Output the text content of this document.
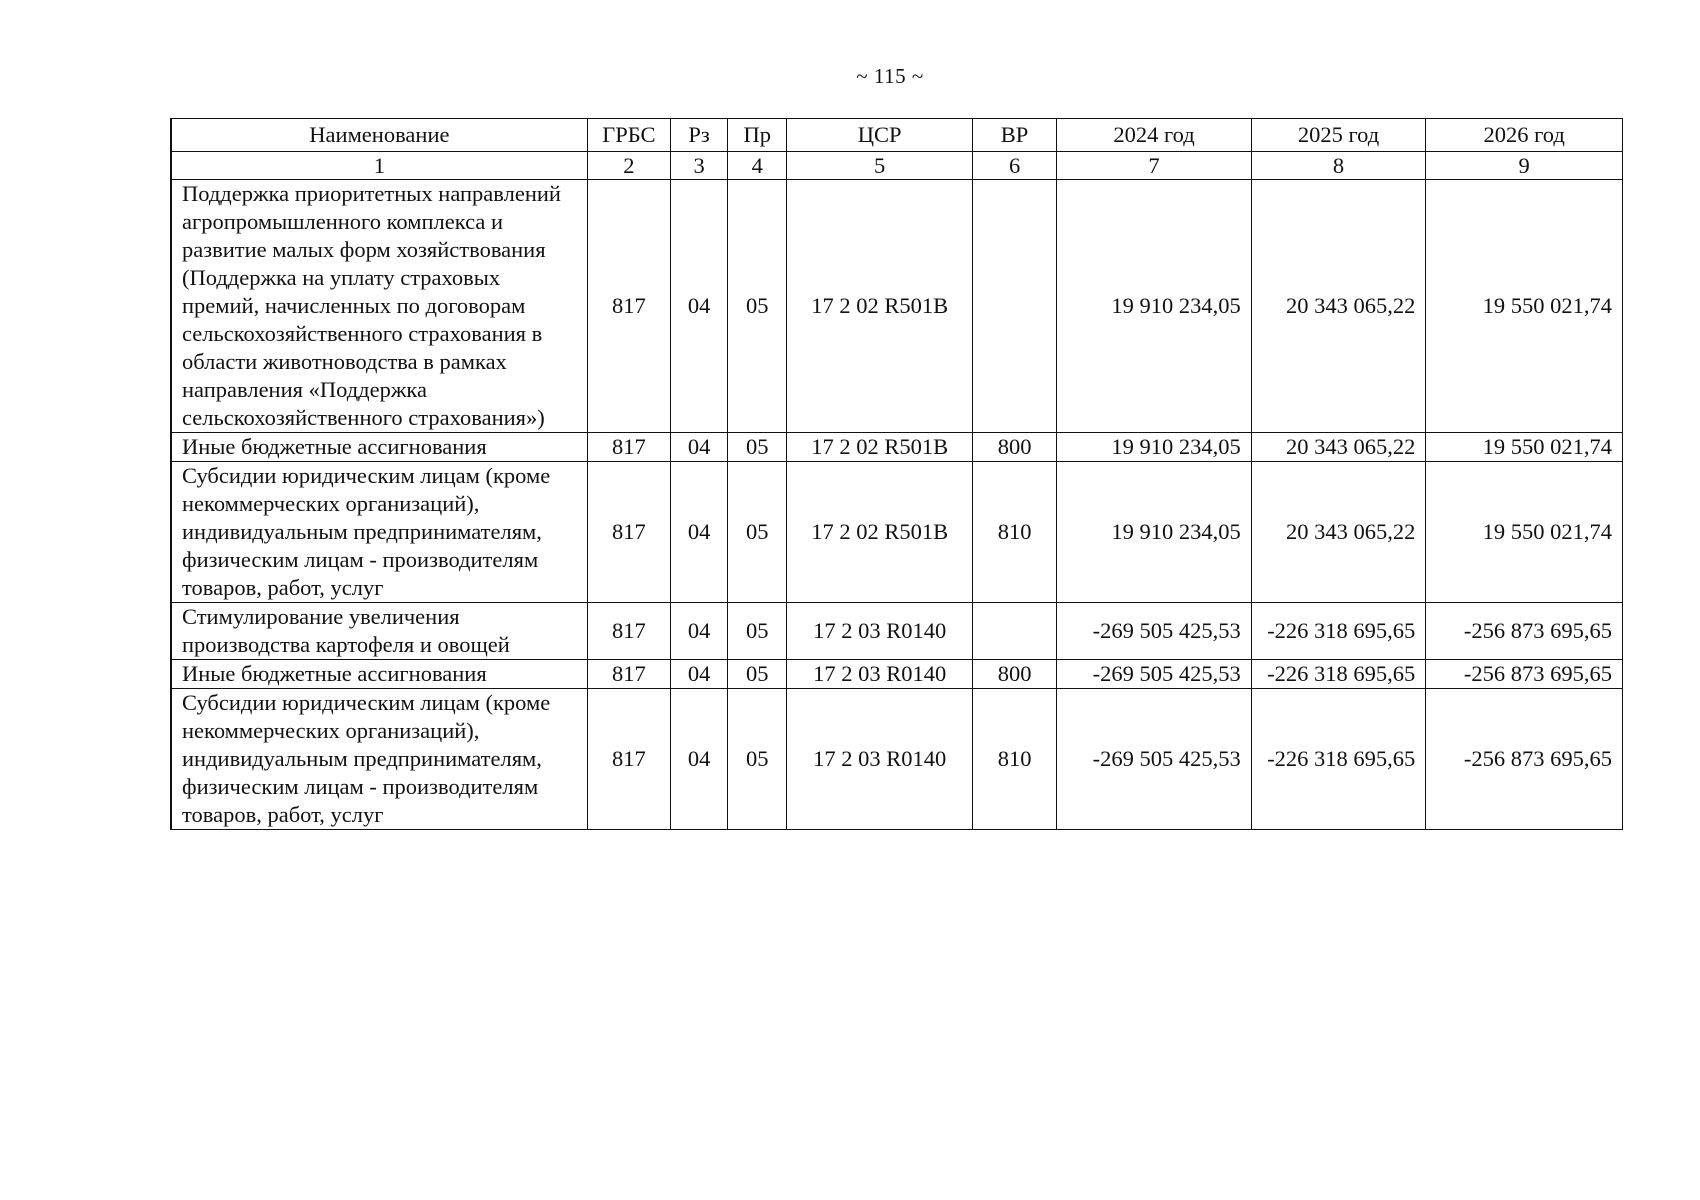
~ 115 ~
Наименование	ГРБС	Рз	Пр	ЦСР	ВР	2024 год	2025 год	2026 год
1	2	3	4	5	6	7	8	9
Поддержка приоритетных направлений агропромышленного комплекса и развитие малых форм хозяйствования (Поддержка на уплату страховых премий, начисленных по договорам сельскохозяйственного страхования в области животноводства в рамках направления «Поддержка сельскохозяйственного страхования»)	817	04	05	17 2 02 R501B		19 910 234,05	20 343 065,22	19 550 021,74
Иные бюджетные ассигнования	817	04	05	17 2 02 R501B	800	19 910 234,05	20 343 065,22	19 550 021,74
Субсидии юридическим лицам (кроме некоммерческих организаций), индивидуальным предпринимателям, физическим лицам - производителям товаров, работ, услуг	817	04	05	17 2 02 R501B	810	19 910 234,05	20 343 065,22	19 550 021,74
Стимулирование увеличения производства картофеля и овощей	817	04	05	17 2 03 R0140		-269 505 425,53	-226 318 695,65	-256 873 695,65
Иные бюджетные ассигнования	817	04	05	17 2 03 R0140	800	-269 505 425,53	-226 318 695,65	-256 873 695,65
Субсидии юридическим лицам (кроме некоммерческих организаций), индивидуальным предпринимателям, физическим лицам - производителям товаров, работ, услуг	817	04	05	17 2 03 R0140	810	-269 505 425,53	-226 318 695,65	-256 873 695,65
